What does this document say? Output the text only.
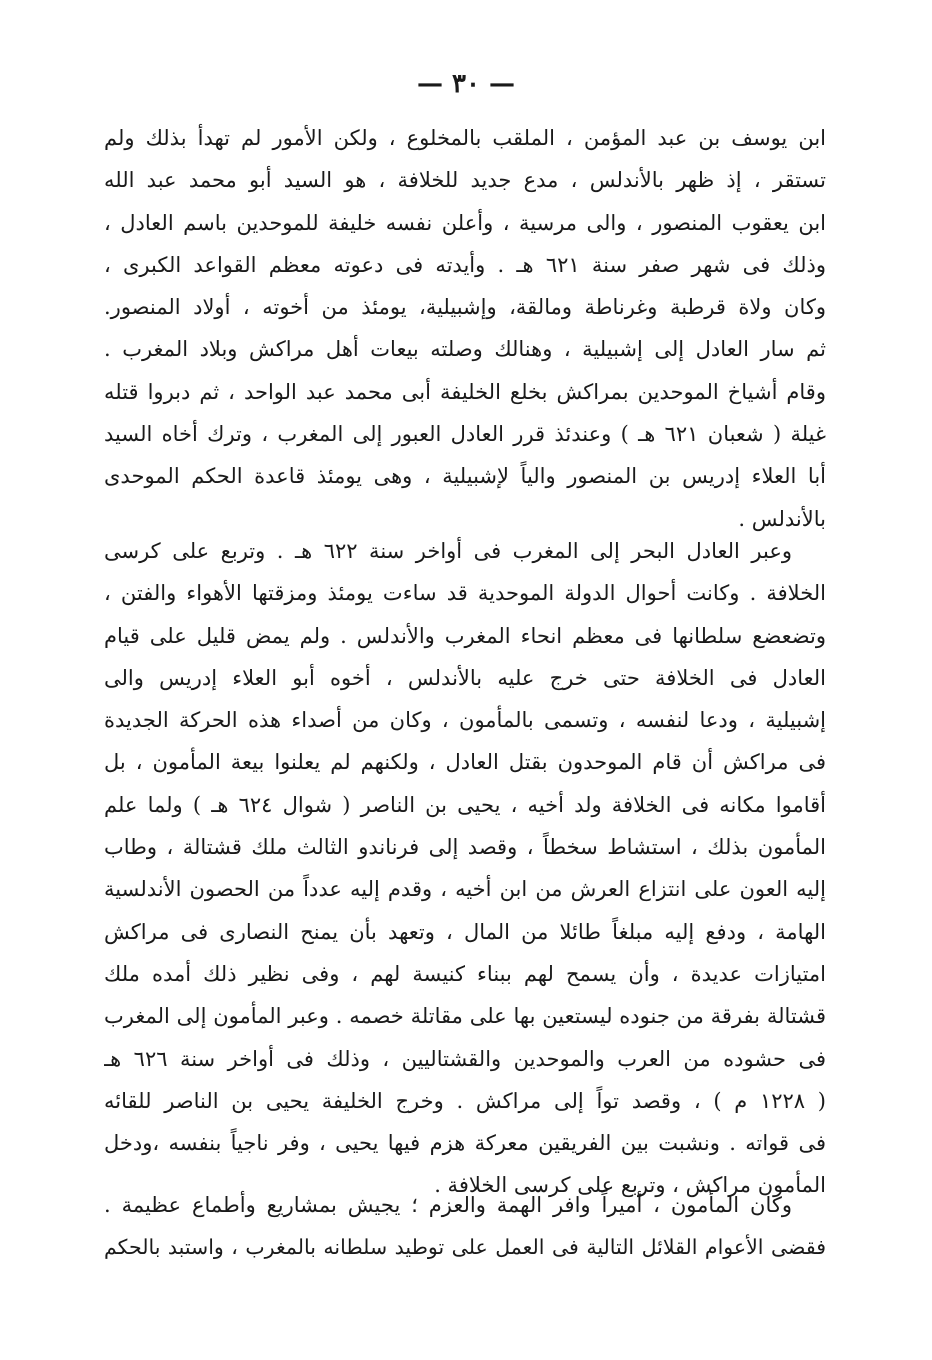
— ٣٠ —
ابن يوسف بن عبد المؤمن ، الملقب بالمخلوع ، ولكن الأمور لم تهدأ بذلك ولم
تستقر ، إذ ظهر بالأندلس ، مدع جديد للخلافة ، هو السيد أبو محمد عبد الله
ابن يعقوب المنصور ، والى مرسية ، وأعلن نفسه خليفة للموحدين باسم العادل ،
وذلك فى شهر صفر سنة ٦٢١ هـ . وأيدته فى دعوته معظم القواعد الكبرى ،
وكان ولاة قرطبة وغرناطة ومالقة، وإشبيلية، يومئذ من أخوته ، أولاد المنصور.
ثم سار العادل إلى إشبيلية ، وهنالك وصلته بيعات أهل مراكش وبلاد المغرب .
وقام أشياخ الموحدين بمراكش بخلع الخليفة أبى محمد عبد الواحد ، ثم دبروا قتله
غيلة ( شعبان ٦٢١ هـ ) وعندئذ قرر العادل العبور إلى المغرب ، وترك أخاه السيد
أبا العلاء إدريس بن المنصور والياً لإشبيلية ، وهى يومئذ قاعدة الحكم الموحدى
بالأندلس .
وعبر العادل البحر إلى المغرب فى أواخر سنة ٦٢٢ هـ . وتربع على كرسى
الخلافة . وكانت أحوال الدولة الموحدية قد ساءت يومئذ ومزقتها الأهواء والفتن ،
وتضعضع سلطانها فى معظم انحاء المغرب والأندلس . ولم يمض قليل على قيام
العادل فى الخلافة حتى خرج عليه بالأندلس ، أخوه أبو العلاء إدريس والى
إشبيلية ، ودعا لنفسه ، وتسمى بالمأمون ، وكان من أصداء هذه الحركة الجديدة
فى مراكش أن قام الموحدون بقتل العادل ، ولكنهم لم يعلنوا بيعة المأمون ، بل
أقاموا مكانه فى الخلافة ولد أخيه ، يحيى بن الناصر ( شوال ٦٢٤ هـ ) ولما علم
المأمون بذلك ، استشاط سخطاً ، وقصد إلى فرناندو الثالث ملك قشتالة ، وطاب
إليه العون على انتزاع العرش من ابن أخيه ، وقدم إليه عدداً من الحصون الأندلسية
الهامة ، ودفع إليه مبلغاً طائلا من المال ، وتعهد بأن يمنح النصارى فى مراكش
امتيازات عديدة ، وأن يسمح لهم ببناء كنيسة لهم ، وفى نظير ذلك أمده ملك
قشتالة بفرقة من جنوده ليستعين بها على مقاتلة خصمه . وعبر المأمون إلى المغرب
فى حشوده من العرب والموحدين والقشتاليين ، وذلك فى أواخر سنة ٦٢٦ هـ
( ١٢٢٨ م ) ، وقصد تواً إلى مراكش . وخرج الخليفة يحيى بن الناصر للقائه
فى قواته . ونشبت بين الفريقين معركة هزم فيها يحيى ، وفر ناجياً بنفسه ،ودخل
المأمون مراكش ، وتربع على كرسى الخلافة .
وكان المأمون ، أميراً وافر الهمة والعزم ؛ يجيش بمشاريع وأطماع عظيمة .
فقضى الأعوام القلائل التالية فى العمل على توطيد سلطانه بالمغرب ، واستبد بالحكم
